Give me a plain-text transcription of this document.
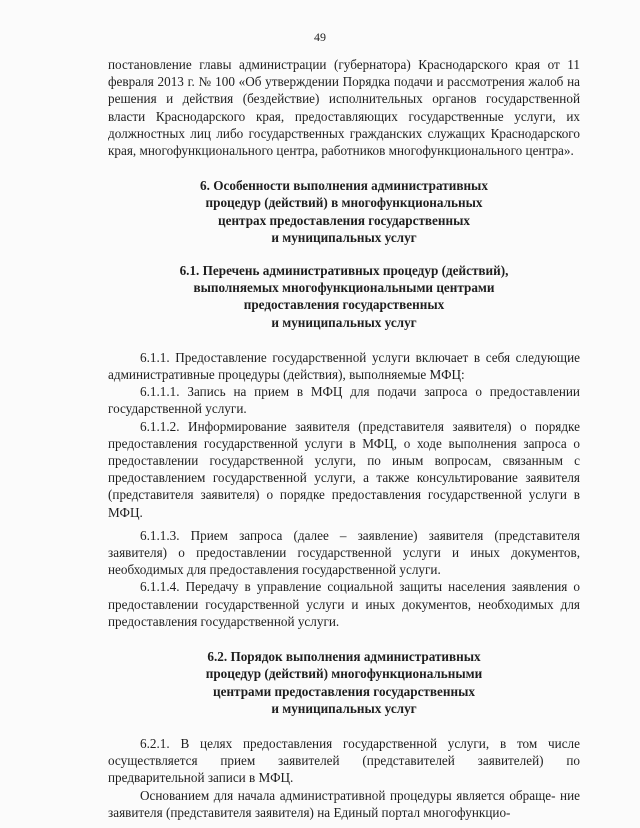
49

постановление главы администрации (губернатора) Краснодарского края от 11 февраля 2013 г. № 100 «Об утверждении Порядка подачи и рассмотрения жалоб на решения и действия (бездействие) исполнительных органов государственной власти Краснодарского края, предоставляющих государственные услуги, их должностных лиц либо государственных гражданских служащих Краснодарского края, многофункционального центра, работников многофункционального центра».

6. Особенности выполнения административных
процедур (действий) в многофункциональных
центрах предоставления государственных
и муниципальных услуг
6.1. Перечень административных процедур (действий),
выполняемых многофункциональными центрами
предоставления государственных
и муниципальных услуг

6.1.1. Предоставление государственной услуги включает в себя следующие административные процедуры (действия), выполняемые МФЦ:

6.1.1.1. Запись на прием в МФЦ для подачи запроса о предоставлении государственной услуги.

6.1.1.2. Информирование заявителя (представителя заявителя) о порядке предоставления государственной услуги в МФЦ, о ходе выполнения запроса о предоставлении государственной услуги, по иным вопросам, связанным с предоставлением государственной услуги, а также консультирование заявителя (представителя заявителя) о порядке предоставления государственной услуги в МФЦ.

6.1.1.3. Прием запроса (далее – заявление) заявителя (представителя заявителя) о предоставлении государственной услуги и иных документов, необходимых для предоставления государственной услуги.

6.1.1.4. Передачу в управление социальной защиты населения заявления о предоставлении государственной услуги и иных документов, необходимых для предоставления государственной услуги.

6.2. Порядок выполнения административных
процедур (действий) многофункциональными
центрами предоставления государственных
и муниципальных услуг

6.2.1. В целях предоставления государственной услуги, в том числе осуществляется прием заявителей (представителей заявителей) по предварительной записи в МФЦ.

Основанием для начала административной процедуры является обраще- ние заявителя (представителя заявителя) на Единый портал многофункцио-
